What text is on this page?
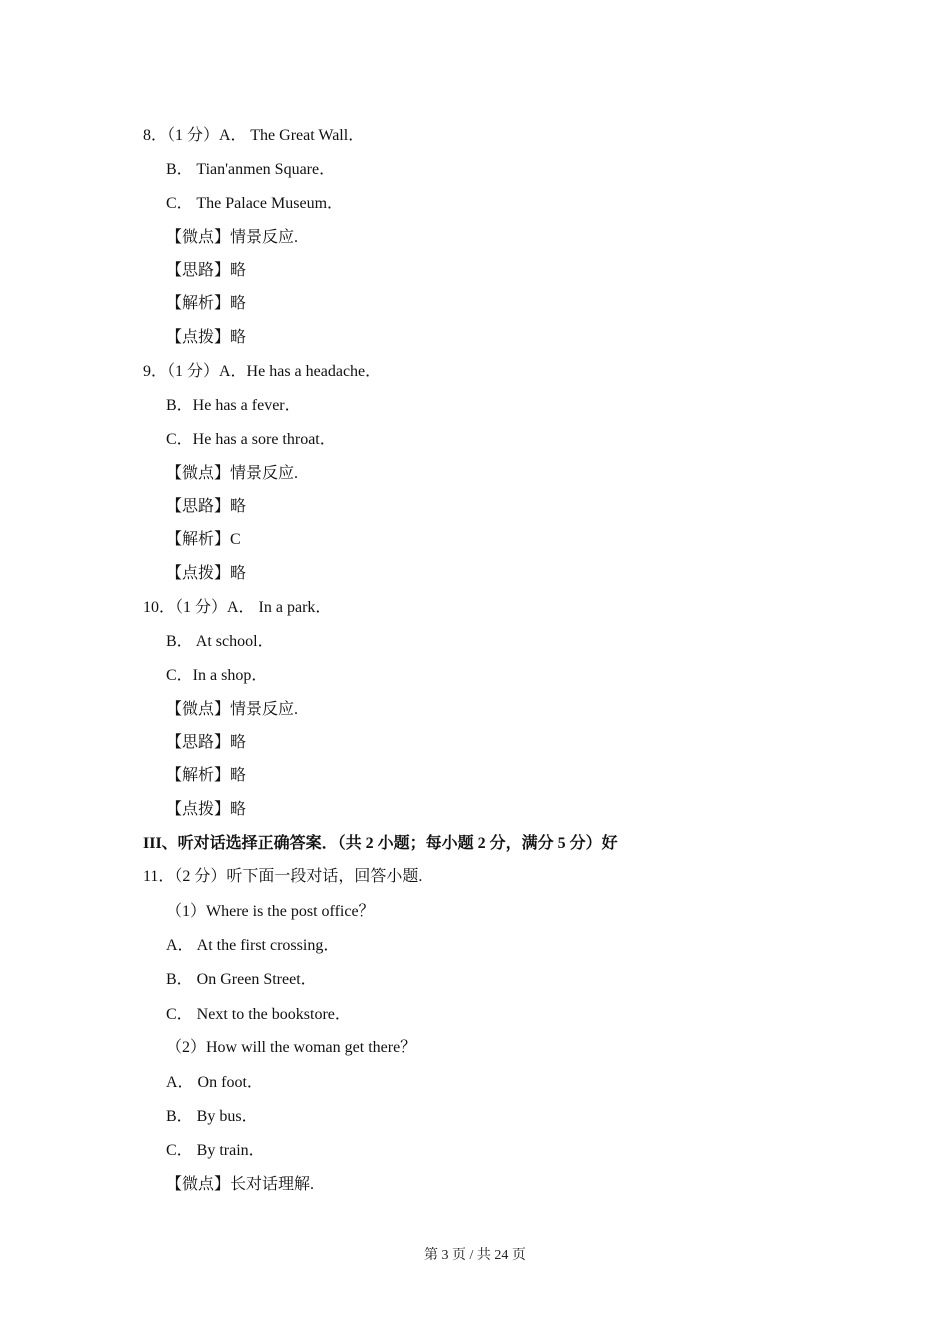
8．（1 分）A． The Great Wall．

B． Tian'anmen Square．

C． The Palace Museum．

【微点】情景反应.

【思路】略

【解析】略

【点拨】略

9．（1 分）A．He has a headache．

B．He has a fever．

C．He has a sore throat．

【微点】情景反应.

【思路】略

【解析】C

【点拨】略

10．（1 分）A． In a park．

B． At school．

C．In a shop．

【微点】情景反应.

【思路】略

【解析】略

【点拨】略

III、听对话选择正确答案．（共 2 小题；每小题 2 分，满分 5 分）好

11．（2 分）听下面一段对话，回答小题.

（1）Where is the post office？

A． At the first crossing．

B． On Green Street．

C． Next to the bookstore．

（2）How will the woman get there？

A． On foot．

B． By bus．

C． By train．

【微点】长对话理解.

第 3 页 / 共 24 页
